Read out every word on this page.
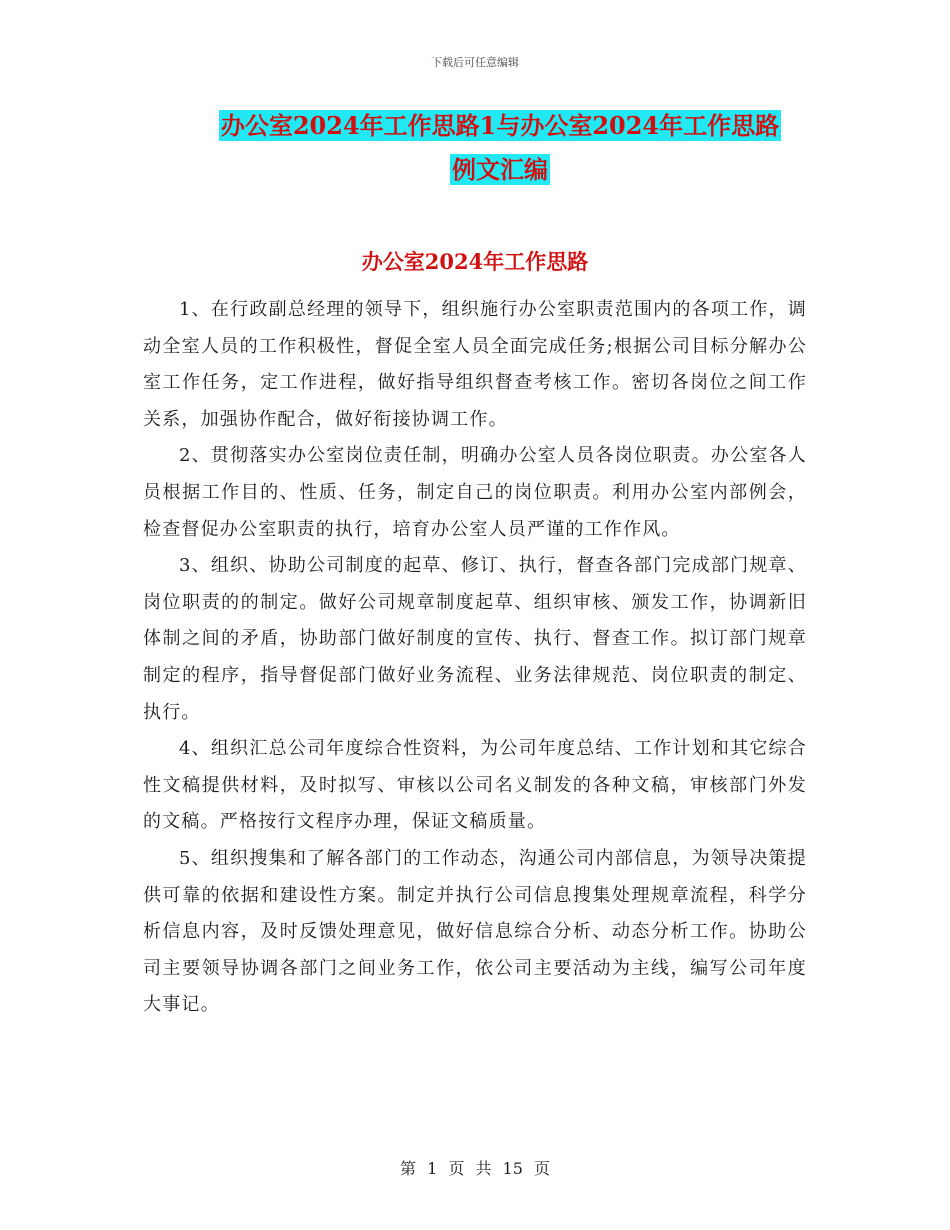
下载后可任意编辑
办公室2024年工作思路1与办公室2024年工作思路
例文汇编
办公室2024年工作思路

1、在行政副总经理的领导下，组织施行办公室职责范围内的各项工作，调动全室人员的工作积极性，督促全室人员全面完成任务;根据公司目标分解办公室工作任务，定工作进程，做好指导组织督查考核工作。密切各岗位之间工作关系，加强协作配合，做好衔接协调工作。

2、贯彻落实办公室岗位责任制，明确办公室人员各岗位职责。办公室各人员根据工作目的、性质、任务，制定自己的岗位职责。利用办公室内部例会，检查督促办公室职责的执行，培育办公室人员严谨的工作作风。

3、组织、协助公司制度的起草、修订、执行，督查各部门完成部门规章、岗位职责的的制定。做好公司规章制度起草、组织审核、颁发工作，协调新旧体制之间的矛盾，协助部门做好制度的宣传、执行、督查工作。拟订部门规章制定的程序，指导督促部门做好业务流程、业务法律规范、岗位职责的制定、执行。

4、组织汇总公司年度综合性资料，为公司年度总结、工作计划和其它综合性文稿提供材料，及时拟写、审核以公司名义制发的各种文稿，审核部门外发的文稿。严格按行文程序办理，保证文稿质量。

5、组织搜集和了解各部门的工作动态，沟通公司内部信息，为领导决策提供可靠的依据和建设性方案。制定并执行公司信息搜集处理规章流程，科学分析信息内容，及时反馈处理意见，做好信息综合分析、动态分析工作。协助公司主要领导协调各部门之间业务工作，依公司主要活动为主线，编写公司年度大事记。

第 1 页 共 15 页
